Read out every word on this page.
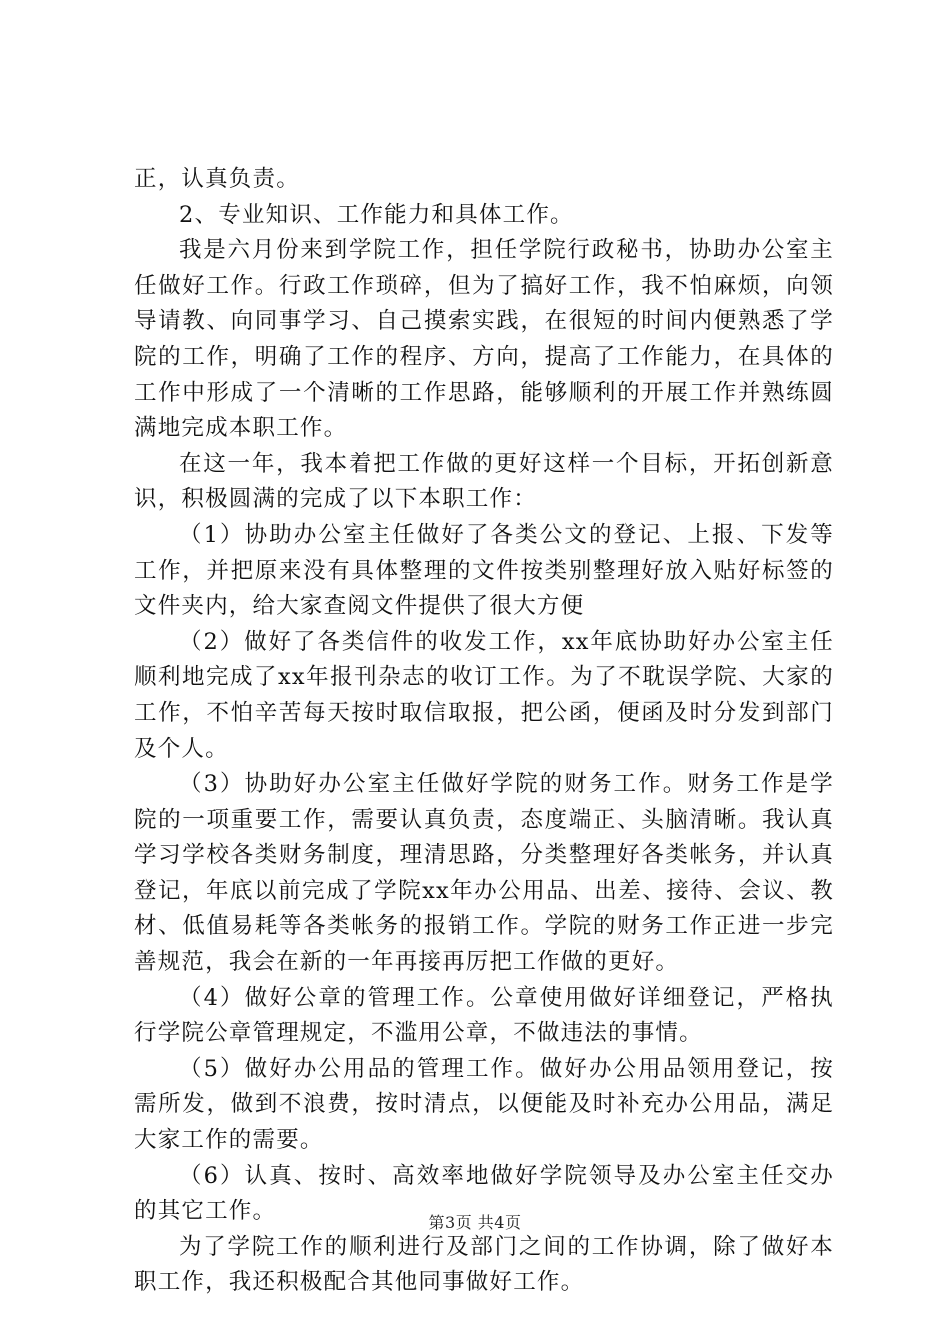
正，认真负责。

2、专业知识、工作能力和具体工作。

我是六月份来到学院工作，担任学院行政秘书，协助办公室主任做好工作。行政工作琐碎，但为了搞好工作，我不怕麻烦，向领导请教、向同事学习、自己摸索实践，在很短的时间内便熟悉了学院的工作，明确了工作的程序、方向，提高了工作能力，在具体的工作中形成了一个清晰的工作思路，能够顺利的开展工作并熟练圆满地完成本职工作。

在这一年，我本着把工作做的更好这样一个目标，开拓创新意识，积极圆满的完成了以下本职工作：

（1）协助办公室主任做好了各类公文的登记、上报、下发等工作，并把原来没有具体整理的文件按类别整理好放入贴好标签的文件夹内，给大家查阅文件提供了很大方便

（2）做好了各类信件的收发工作，xx年底协助好办公室主任顺利地完成了xx年报刊杂志的收订工作。为了不耽误学院、大家的工作，不怕辛苦每天按时取信取报，把公函，便函及时分发到部门及个人。

（3）协助好办公室主任做好学院的财务工作。财务工作是学院的一项重要工作，需要认真负责，态度端正、头脑清晰。我认真学习学校各类财务制度，理清思路，分类整理好各类帐务，并认真登记，年底以前完成了学院xx年办公用品、出差、接待、会议、教材、低值易耗等各类帐务的报销工作。学院的财务工作正进一步完善规范，我会在新的一年再接再厉把工作做的更好。

（4）做好公章的管理工作。公章使用做好详细登记，严格执行学院公章管理规定，不滥用公章，不做违法的事情。

（5）做好办公用品的管理工作。做好办公用品领用登记，按需所发，做到不浪费，按时清点，以便能及时补充办公用品，满足大家工作的需要。

（6）认真、按时、高效率地做好学院领导及办公室主任交办的其它工作。

为了学院工作的顺利进行及部门之间的工作协调，除了做好本职工作，我还积极配合其他同事做好工作。

第3页 共4页
